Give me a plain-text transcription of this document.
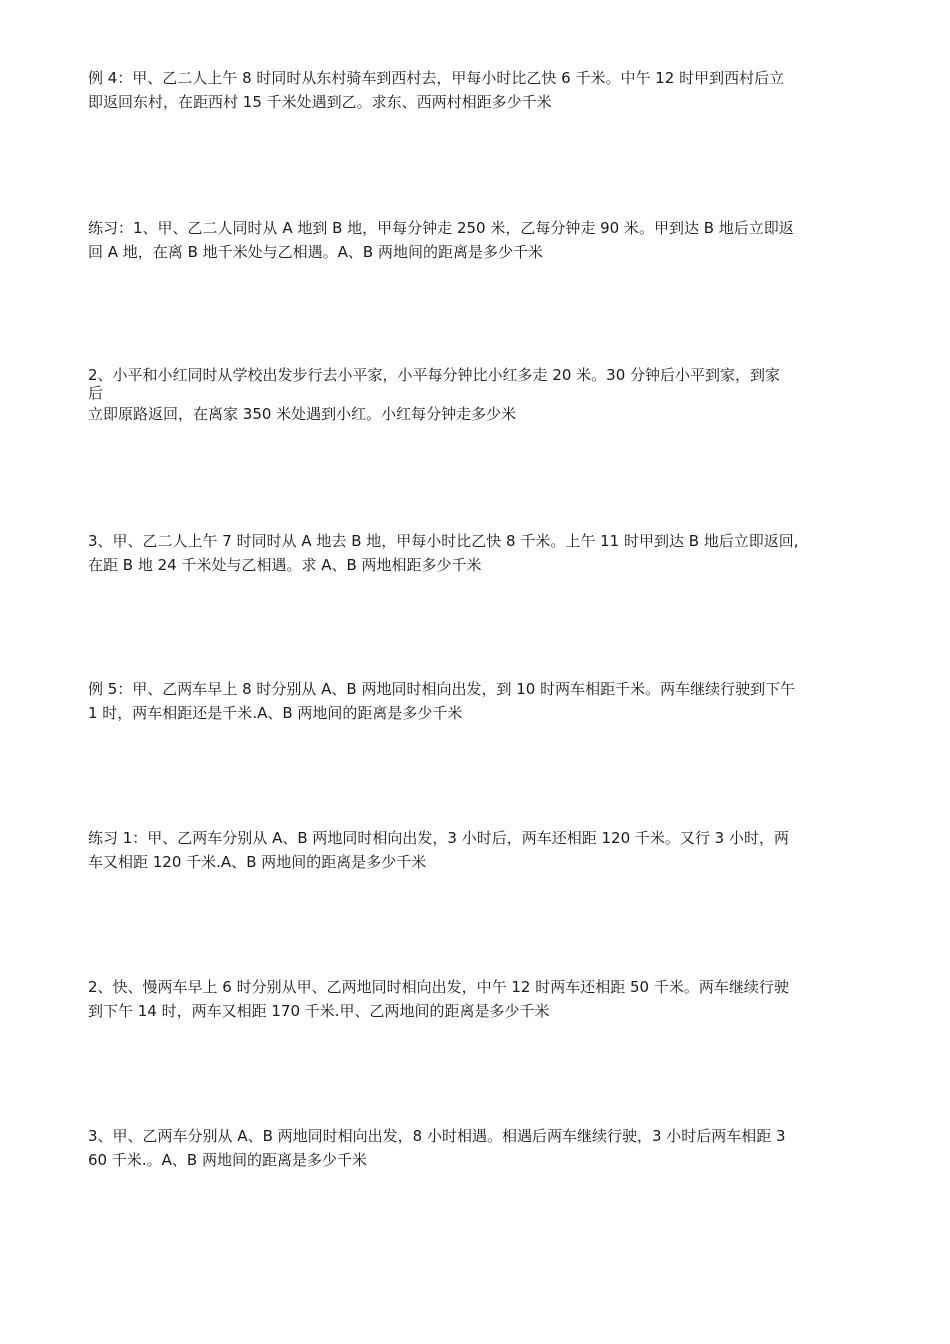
例 4：甲、乙二人上午 8 时同时从东村骑车到西村去，甲每小时比乙快 6 千米。中午 12 时甲到西村后立
即返回东村，在距西村 15 千米处遇到乙。求东、西两村相距多少千米
练习：1、甲、乙二人同时从 A 地到 B 地，甲每分钟走 250 米，乙每分钟走 90 米。甲到达 B 地后立即返
回 A 地，在离 B 地千米处与乙相遇。A、B 两地间的距离是多少千米
2、小平和小红同时从学校出发步行去小平家，小平每分钟比小红多走 20 米。30 分钟后小平到家，到家
后
立即原路返回，在离家 350 米处遇到小红。小红每分钟走多少米
3、甲、乙二人上午 7 时同时从 A 地去 B 地，甲每小时比乙快 8 千米。上午 11 时甲到达 B 地后立即返回,
在距 B 地 24 千米处与乙相遇。求 A、B 两地相距多少千米
例 5：甲、乙两车早上 8 时分别从 A、B 两地同时相向出发，到 10 时两车相距千米。两车继续行驶到下午
1 时，两车相距还是千米.A、B 两地间的距离是多少千米
练习 1：甲、乙两车分别从 A、B 两地同时相向出发，3 小时后，两车还相距 120 千米。又行 3 小时，两
车又相距 120 千米.A、B 两地间的距离是多少千米
2、快、慢两车早上 6 时分别从甲、乙两地同时相向出发，中午 12 时两车还相距 50 千米。两车继续行驶
到下午 14 时，两车又相距 170 千米.甲、乙两地间的距离是多少千米
3、甲、乙两车分别从 A、B 两地同时相向出发，8 小时相遇。相遇后两车继续行驶，3 小时后两车相距 3
60 千米.。A、B 两地间的距离是多少千米
